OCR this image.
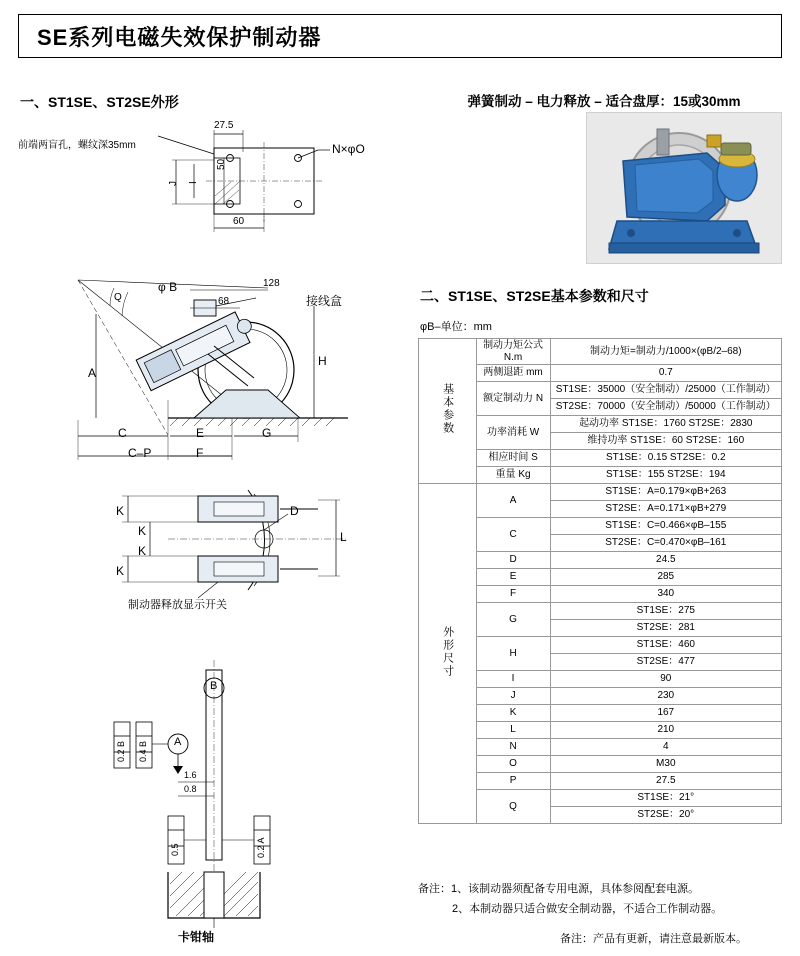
SE系列电磁失效保护制动器
一、ST1SE、ST2SE外形
前端两盲孔，螺纹深35mm
27.5
50
60
J I
N×φO
φ B	128
68	接线盒
Q
A
H
C	E	G
F
C–P
K
K
K
K
D
L
制动器释放显示开关
B
A
0.2 B 0.4 B
1.6
0.8
0.5	0.2 A
卡钳轴
弹簧制动 – 电力释放 – 适合盘厚：15或30mm
二、ST1SE、ST2SE基本参数和尺寸
φB–单位：mm
基本参数	制动力矩公式N.m	制动力矩=制动力/1000×(φB/2–68)
	两侧退距 mm	0.7
	额定制动力 N	ST1SE：35000（安全制动）/25000（工作制动）
		ST2SE：70000（安全制动）/50000（工作制动）
	功率消耗 W	起动功率 ST1SE：1760 ST2SE：2830
		维持功率 ST1SE：60 ST2SE：160
	相应时间 S	ST1SE：0.15 ST2SE：0.2
	重量 Kg	ST1SE：155 ST2SE：194
外形尺寸	A	ST1SE：A=0.179×φB+263
		ST2SE：A=0.171×φB+279
	C	ST1SE：C=0.466×φB–155
		ST2SE：C=0.470×φB–161
	D	24.5
	E	285
	F	340
	G	ST1SE：275
		ST2SE：281
	H	ST1SE：460
		ST2SE：477
	I	90
	J	230
	K	167
	L	210
	N	4
	O	M30
	P	27.5
	Q	ST1SE：21°
		ST2SE：20°
备注：1、该制动器须配备专用电源，具体参阅配套电源。
2、本制动器只适合做安全制动器，不适合工作制动器。
备注：产品有更新，请注意最新版本。
